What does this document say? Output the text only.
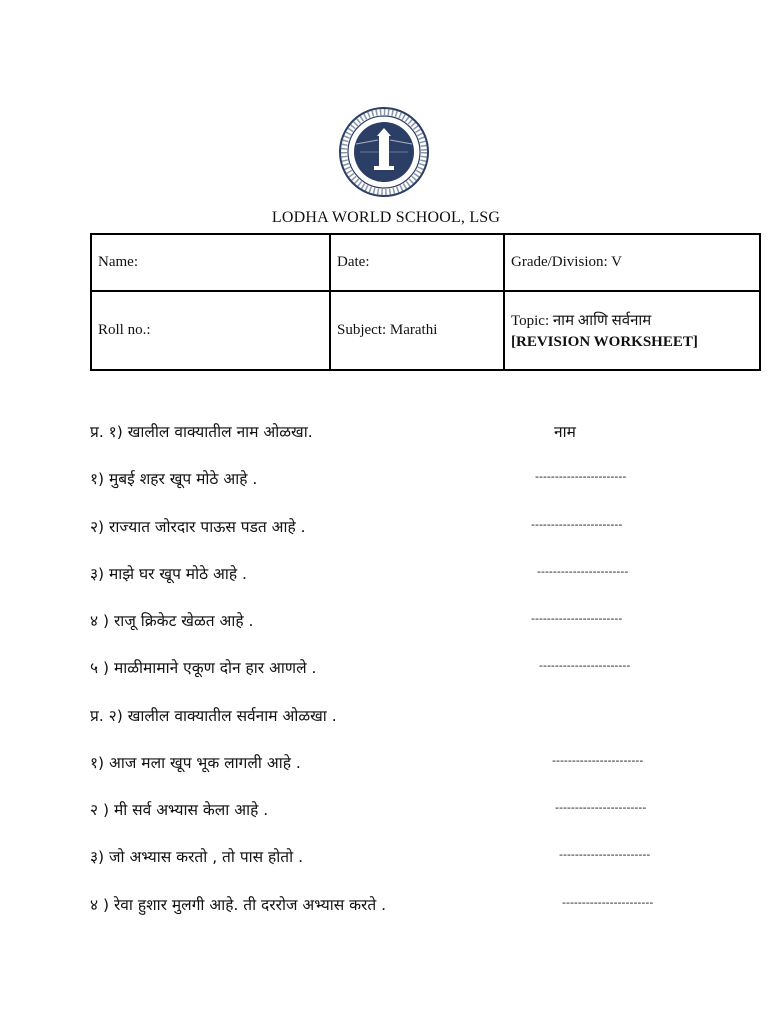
LODHA WORLD SCHOOL, LSG
Name:	Date:	Grade/Division: V
Roll no.:	Subject: Marathi	Topic: नाम आणि सर्वनाम
[REVISION WORKSHEET]
प्र. १) खालील वाक्यातील नाम ओळखा.	नाम
१) मुबई शहर खूप मोठे आहे .	-----------------------
२) राज्यात जोरदार पाऊस पडत आहे .	-----------------------
३) माझे घर खूप मोठे आहे .	-----------------------
४ ) राजू क्रिकेट खेळत आहे .	-----------------------
५ ) माळीमामाने एकूण दोन हार आणले .	-----------------------
प्र. २) खालील वाक्यातील सर्वनाम ओळखा .
१) आज मला खूप भूक लागली आहे .	-----------------------
२ ) मी सर्व अभ्यास केला आहे .	-----------------------
३) जो अभ्यास करतो , तो पास होतो .	-----------------------
४ ) रेवा हुशार मुलगी आहे. ती दररोज अभ्यास करते .	-----------------------
